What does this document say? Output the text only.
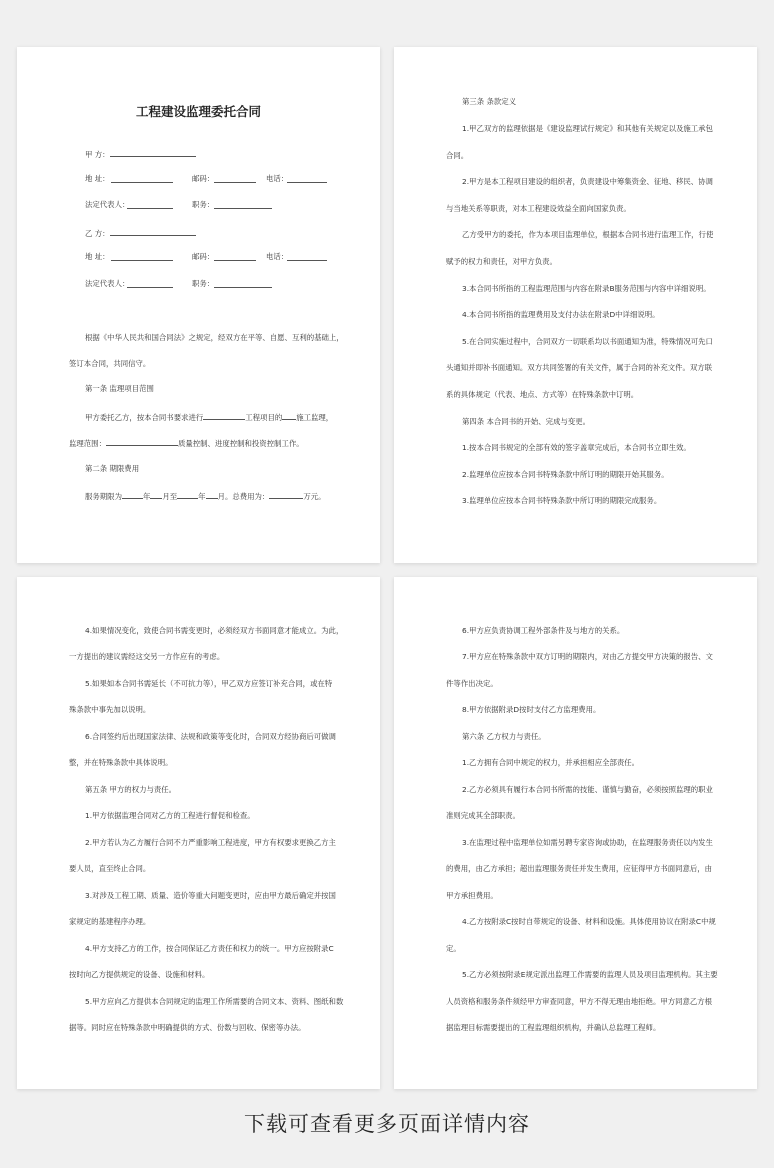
工程建设监理委托合同
甲 方：
地 址：	邮码：	电话：
法定代表人：	职务：
乙 方：
地 址：	邮码：	电话：
法定代表人：	职务：
根据《中华人民共和国合同法》之规定，经双方在平等、自愿、互利的基础上，
签订本合同，共同信守。
第一条 监理项目范围
甲方委托乙方，按本合同书要求进行	工程项目的 施工监理，
监理范围：	质量控制、进度控制和投资控制工作。
第二条 期限费用
服务期限为	年 月至	年 月。总费用为：	万元。
第三条 条款定义
1.甲乙双方的监理依据是《建设监理试行规定》和其他有关规定以及施工承包
合同。
2.甲方是本工程项目建设的组织者，负责建设中筹集资金、征地、移民、协调
与当地关系等职责，对本工程建设效益全面向国家负责。
乙方受甲方的委托，作为本项目监理单位，根据本合同书进行监理工作，行使
赋予的权力和责任，对甲方负责。
3.本合同书所指的工程监理范围与内容在附录B服务范围与内容中详细说明。
4.本合同书所指的监理费用及支付办法在附录D中详细说明。
5.在合同实施过程中，合同双方一切联系均以书面通知为准，特殊情况可先口
头通知并即补书面通知。双方共同签署的有关文件，属于合同的补充文件。双方联
系的具体规定（代表、地点、方式等）在特殊条款中订明。
第四条 本合同书的开始、完成与变更。
1.按本合同书规定的全部有效的签字盖章完成后，本合同书立即生效。
2.监理单位应按本合同书特殊条款中所订明的期限开始其服务。
3.监理单位应按本合同书特殊条款中所订明的期限完成服务。
4.如果情况变化，致使合同书需变更时，必须经双方书面同意才能成立。为此，
一方提出的建议需经这交另一方作应有的考虑。
5.如果如本合同书需延长（不可抗力等），甲乙双方应签订补充合同，或在特
殊条款中事先加以说明。
6.合同签约后出现国家法律、法规和政策等变化时，合同双方经协商后可做调
整，并在特殊条款中具体说明。
第五条 甲方的权力与责任。
1.甲方依据监理合同对乙方的工程进行督促和检查。
2.甲方若认为乙方履行合同不力严重影响工程进度，甲方有权要求更换乙方主
要人员，直至终止合同。
3.对涉及工程工期、质量、造价等重大问题变更时，应由甲方最后确定并按国
家规定的基建程序办理。
4.甲方支持乙方的工作，按合同保证乙方责任和权力的统一。甲方应按附录C
按时向乙方提供规定的设备、设施和材料。
5.甲方应向乙方提供本合同规定的监理工作所需要的合同文本、资料、图纸和数
据等。同时应在特殊条款中明确提供的方式、份数与回收、保密等办法。
6.甲方应负责协调工程外部条件及与地方的关系。
7.甲方应在特殊条款中双方订明的期限内，对由乙方提交甲方决策的报告、文
件等作出决定。
8.甲方依据附录D按时支付乙方监理费用。
第六条 乙方权力与责任。
1.乙方拥有合同中规定的权力，并承担相应全部责任。
2.乙方必须具有履行本合同书所需的技能、谨慎与勤奋，必须按照监理的职业
准则完成其全部职责。
3.在监理过程中监理单位如需另聘专家咨询或协助，在监理服务责任以内发生
的费用，由乙方承担；超出监理服务责任并发生费用，应征得甲方书面同意后，由
甲方承担费用。
4.乙方按附录C按时自带规定的设备、材料和设施。具体使用协议在附录C中规
定。
5.乙方必须按附录E规定派出监理工作需要的监理人员及项目监理机构。其主要
人员资格和服务条件须经甲方审查同意，甲方不得无理由地拒绝。甲方同意乙方根
据监理目标需要提出的工程监理组织机构，并确认总监理工程师。
下载可查看更多页面详情内容
